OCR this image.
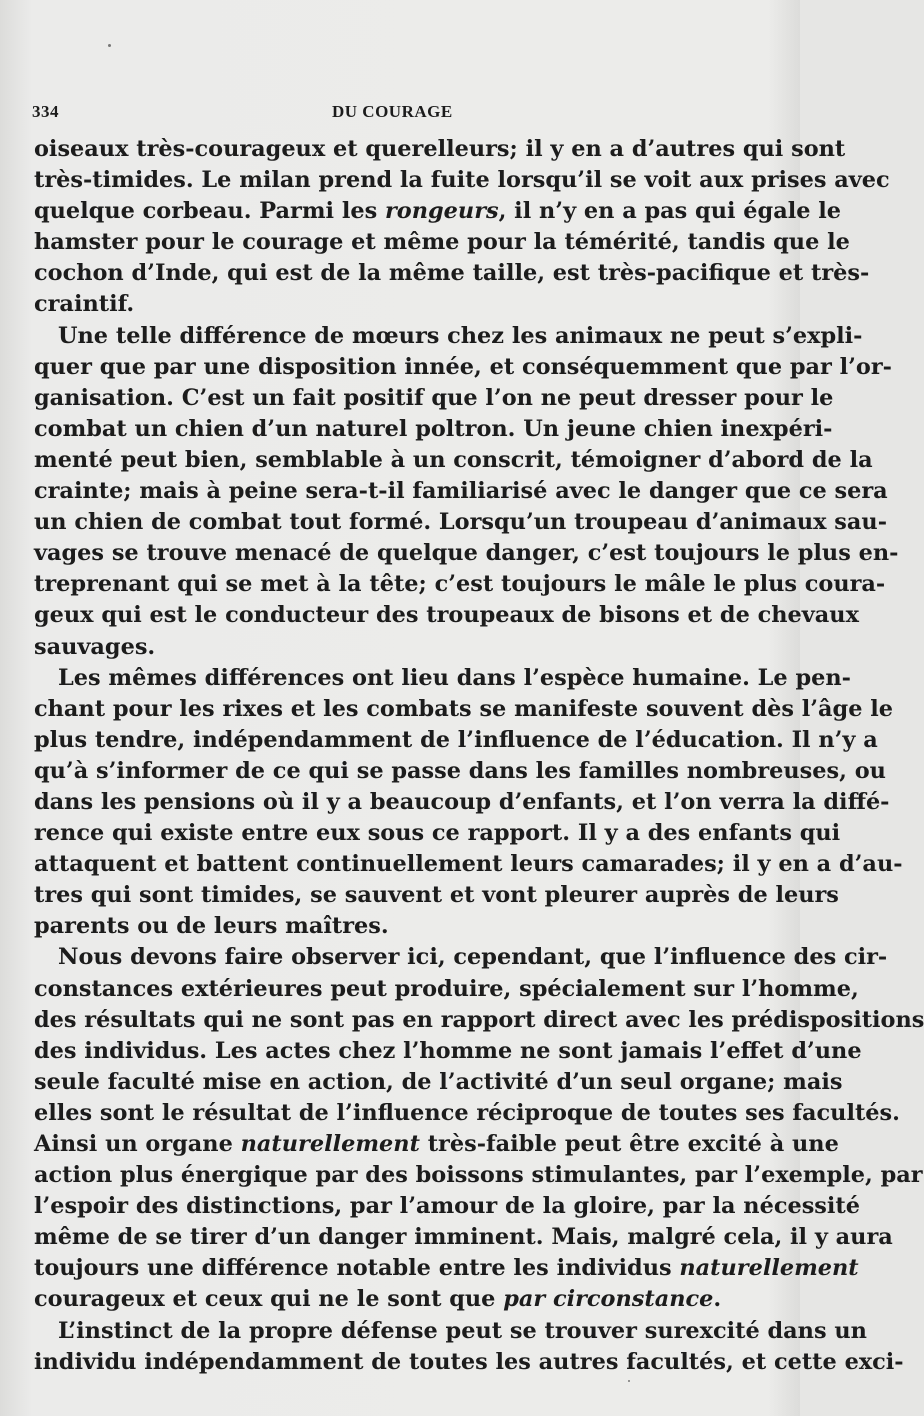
334	DU COURAGE
oiseaux très-courageux et querelleurs; il y en a d’autres qui sont
très-timides. Le milan prend la fuite lorsqu’il se voit aux prises avec
quelque corbeau. Parmi les rongeurs, il n’y en a pas qui égale le
hamster pour le courage et même pour la témérité, tandis que le
cochon d’Inde, qui est de la même taille, est très-pacifique et très-
craintif.
Une telle différence de mœurs chez les animaux ne peut s’expli-
quer que par une disposition innée, et conséquemment que par l’or-
ganisation. C’est un fait positif que l’on ne peut dresser pour le
combat un chien d’un naturel poltron. Un jeune chien inexpéri-
menté peut bien, semblable à un conscrit, témoigner d’abord de la
crainte; mais à peine sera-t-il familiarisé avec le danger que ce sera
un chien de combat tout formé. Lorsqu’un troupeau d’animaux sau-
vages se trouve menacé de quelque danger, c’est toujours le plus en-
treprenant qui se met à la tête; c’est toujours le mâle le plus coura-
geux qui est le conducteur des troupeaux de bisons et de chevaux
sauvages.
Les mêmes différences ont lieu dans l’espèce humaine. Le pen-
chant pour les rixes et les combats se manifeste souvent dès l’âge le
plus tendre, indépendamment de l’influence de l’éducation. Il n’y a
qu’à s’informer de ce qui se passe dans les familles nombreuses, ou
dans les pensions où il y a beaucoup d’enfants, et l’on verra la diffé-
rence qui existe entre eux sous ce rapport. Il y a des enfants qui
attaquent et battent continuellement leurs camarades; il y en a d’au-
tres qui sont timides, se sauvent et vont pleurer auprès de leurs
parents ou de leurs maîtres.
Nous devons faire observer ici, cependant, que l’influence des cir-
constances extérieures peut produire, spécialement sur l’homme,
des résultats qui ne sont pas en rapport direct avec les prédispositions
des individus. Les actes chez l’homme ne sont jamais l’effet d’une
seule faculté mise en action, de l’activité d’un seul organe; mais
elles sont le résultat de l’influence réciproque de toutes ses facultés.
Ainsi un organe naturellement très-faible peut être excité à une
action plus énergique par des boissons stimulantes, par l’exemple, par
l’espoir des distinctions, par l’amour de la gloire, par la nécessité
même de se tirer d’un danger imminent. Mais, malgré cela, il y aura
toujours une différence notable entre les individus naturellement
courageux et ceux qui ne le sont que par circonstance.
L’instinct de la propre défense peut se trouver surexcité dans un
individu indépendamment de toutes les autres facultés, et cette exci-
